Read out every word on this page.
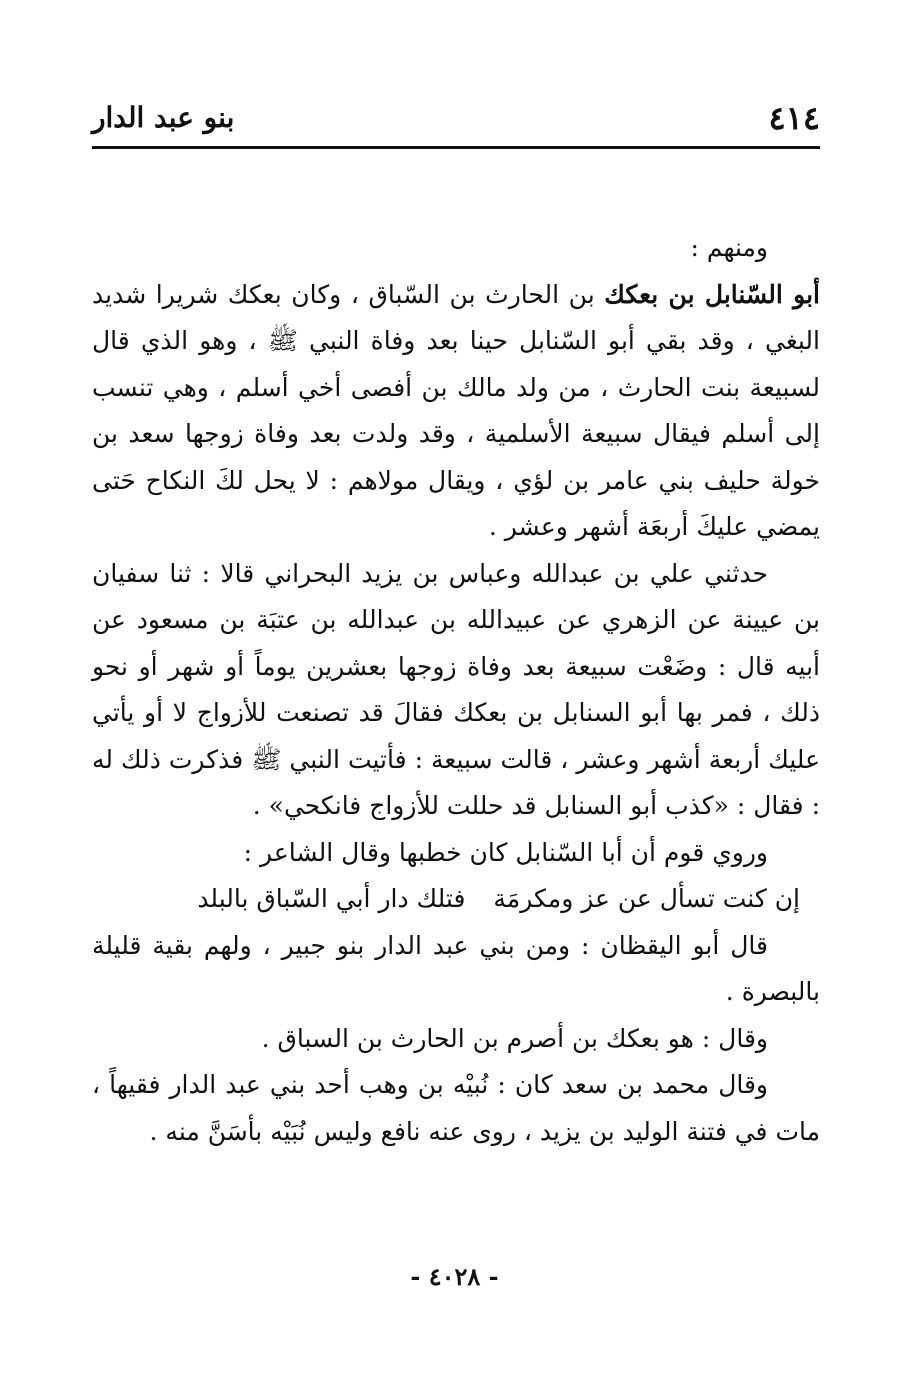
٤١٤
بنو عبد الدار

ومنهم :

أبو السّنابل بن بعكك بن الحارث بن السّباق ، وكان بعكك شريرا شديد البغي ، وقد بقي أبو السّنابل حينا بعد وفاة النبي ﷺ ، وهو الذي قال لسبيعة بنت الحارث ، من ولد مالك بن أفصى أخي أسلم ، وهي تنسب إلى أسلم فيقال سبيعة الأسلمية ، وقد ولدت بعد وفاة زوجها سعد بن خولة حليف بني عامر بن لؤي ، ويقال مولاهم : لا يحل لكَ النكاح حَتى يمضي عليكَ أربعَة أشهر وعشر .

حدثني علي بن عبدالله وعباس بن يزيد البحراني قالا : ثنا سفيان بن عيينة عن الزهري عن عبيدالله بن عبدالله بن عتبَة بن مسعود عن أبيه قال : وضَعْت سبيعة بعد وفاة زوجها بعشرين يوماً أو شهر أو نحو ذلك ، فمر بها أبو السنابل بن بعكك فقالَ قد تصنعت للأزواج لا أو يأتي عليك أربعة أشهر وعشر ، قالت سبيعة : فأتيت النبي ﷺ فذكرت ذلك له : فقال : «كذب أبو السنابل قد حللت للأزواج فانكحي» .

وروي قوم أن أبا السّنابل كان خطبها وقال الشاعر :

إن كنت تسأل عن عز ومكرمَة
فتلك دار أبي السّباق بالبلد

قال أبو اليقظان : ومن بني عبد الدار بنو جبير ، ولهم بقية قليلة بالبصرة .

وقال : هو بعكك بن أصرم بن الحارث بن السباق .

وقال محمد بن سعد كان : نُبيْه بن وهب أحد بني عبد الدار فقيهاً ، مات في فتنة الوليد بن يزيد ، روى عنه نافع وليس نُبَيْه بأسَنَّ منه .

- ٤٠٢٨ -
